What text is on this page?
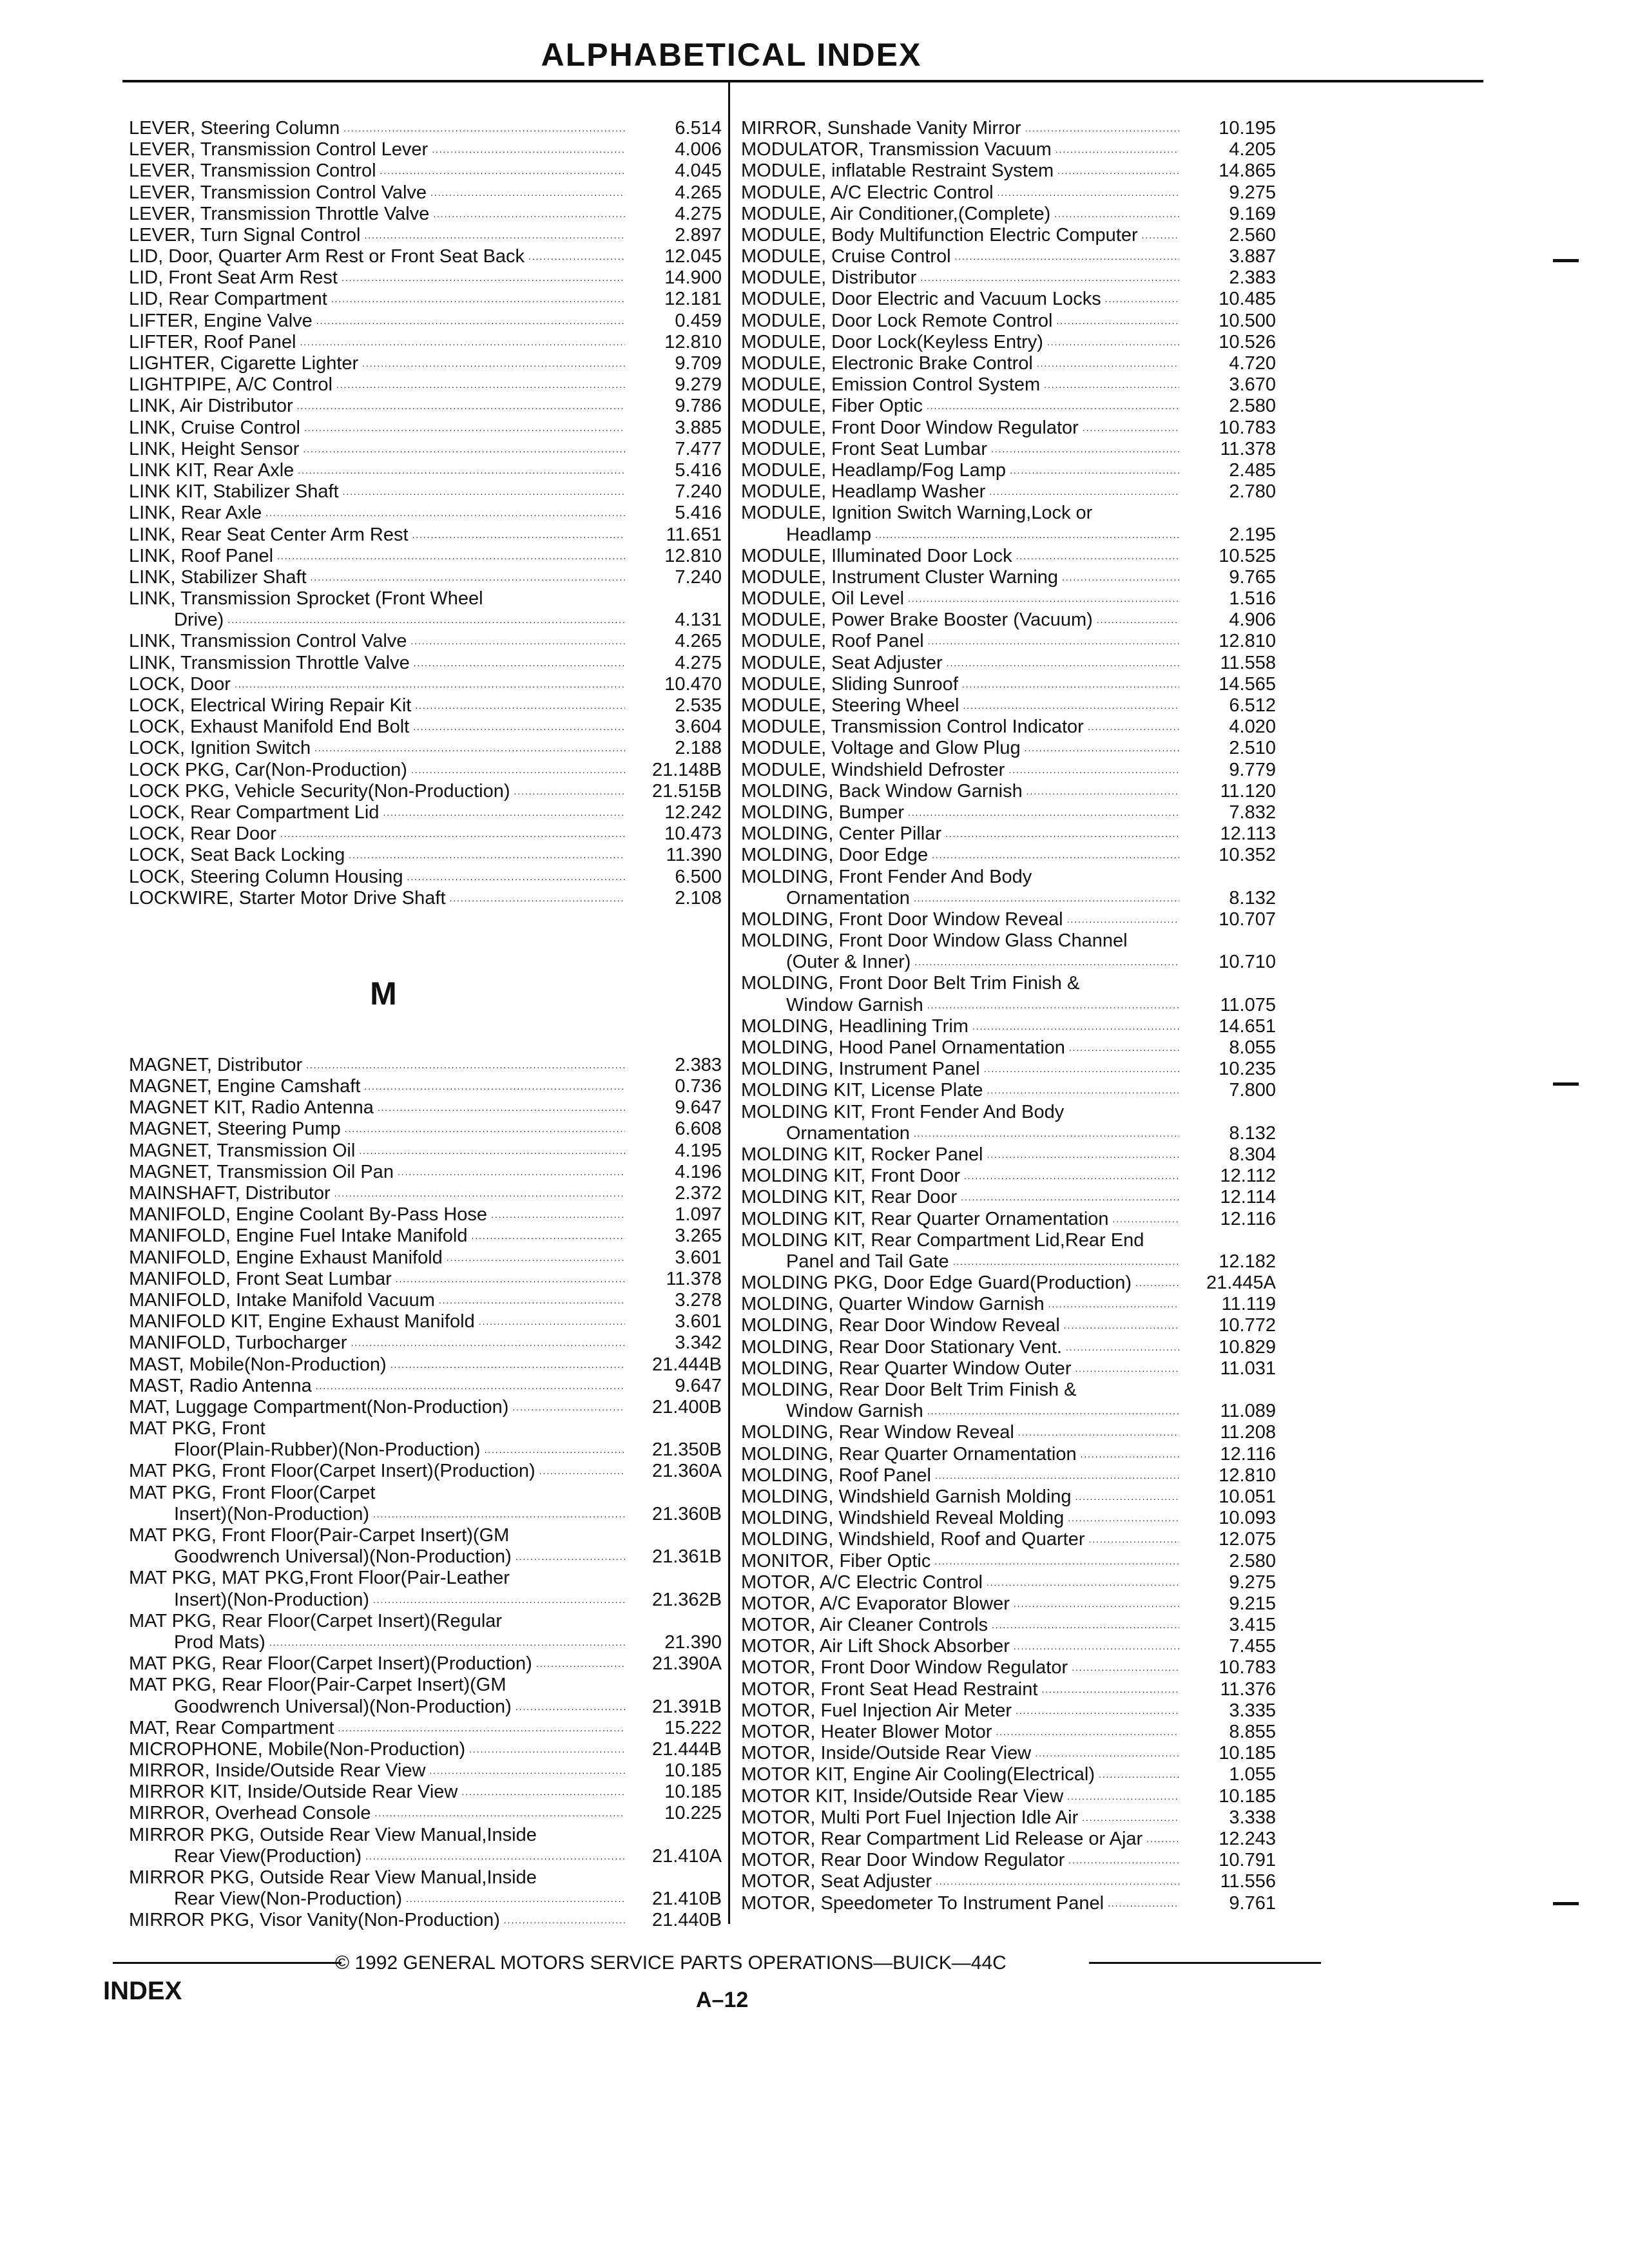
ALPHABETICAL INDEX
LEVER, Steering Column . . .	6.514
LEVER, Transmission Control Lever . . .	4.006
LEVER, Transmission Control . . .	4.045
LEVER, Transmission Control Valve . . .	4.265
LEVER, Transmission Throttle Valve . . .	4.275
LEVER, Turn Signal Control . . .	2.897
LID, Door, Quarter Arm Rest or Front Seat Back . . .	12.045
LID, Front Seat Arm Rest . . .	14.900
LID, Rear Compartment . . .	12.181
LIFTER, Engine Valve . . .	0.459
LIFTER, Roof Panel . . .	12.810
LIGHTER, Cigarette Lighter . . .	9.709
LIGHTPIPE, A/C Control . . .	9.279
LINK, Air Distributor . . .	9.786
LINK, Cruise Control . . .	3.885
LINK, Height Sensor . . .	7.477
LINK KIT, Rear Axle . . .	5.416
LINK KIT, Stabilizer Shaft . . .	7.240
LINK, Rear Axle . . .	5.416
LINK, Rear Seat Center Arm Rest . . .	11.651
LINK, Roof Panel . . .	12.810
LINK, Stabilizer Shaft . . .	7.240
LINK, Transmission Sprocket (Front Wheel
Drive) . . .	4.131
LINK, Transmission Control Valve . . .	4.265
LINK, Transmission Throttle Valve . . .	4.275
LOCK, Door . . .	10.470
LOCK, Electrical Wiring Repair Kit . . .	2.535
LOCK, Exhaust Manifold End Bolt . . .	3.604
LOCK, Ignition Switch . . .	2.188
LOCK PKG, Car(Non-Production) . . .	21.148B
LOCK PKG, Vehicle Security(Non-Production) . . .	21.515B
LOCK, Rear Compartment Lid . . .	12.242
LOCK, Rear Door . . .	10.473
LOCK, Seat Back Locking . . .	11.390
LOCK, Steering Column Housing . . .	6.500
LOCKWIRE, Starter Motor Drive Shaft . . .	2.108
M
MAGNET, Distributor . . .	2.383
MAGNET, Engine Camshaft . . .	0.736
MAGNET KIT, Radio Antenna . . .	9.647
MAGNET, Steering Pump . . .	6.608
MAGNET, Transmission Oil . . .	4.195
MAGNET, Transmission Oil Pan . . .	4.196
MAINSHAFT, Distributor . . .	2.372
MANIFOLD, Engine Coolant By-Pass Hose . . .	1.097
MANIFOLD, Engine Fuel Intake Manifold . . .	3.265
MANIFOLD, Engine Exhaust Manifold . . .	3.601
MANIFOLD, Front Seat Lumbar . . .	11.378
MANIFOLD, Intake Manifold Vacuum . . .	3.278
MANIFOLD KIT, Engine Exhaust Manifold . . .	3.601
MANIFOLD, Turbocharger . . .	3.342
MAST, Mobile(Non-Production) . . .	21.444B
MAST, Radio Antenna . . .	9.647
MAT, Luggage Compartment(Non-Production) . . .	21.400B
MAT PKG, Front
Floor(Plain-Rubber)(Non-Production) . . .	21.350B
MAT PKG, Front Floor(Carpet Insert)(Production) . . .	21.360A
MAT PKG, Front Floor(Carpet
Insert)(Non-Production) . . .	21.360B
MAT PKG, Front Floor(Pair-Carpet Insert)(GM
Goodwrench Universal)(Non-Production) . . .	21.361B
MAT PKG, MAT PKG,Front Floor(Pair-Leather
Insert)(Non-Production) . . .	21.362B
MAT PKG, Rear Floor(Carpet Insert)(Regular
Prod Mats) . . .	21.390
MAT PKG, Rear Floor(Carpet Insert)(Production) . . .	21.390A
MAT PKG, Rear Floor(Pair-Carpet Insert)(GM
Goodwrench Universal)(Non-Production) . . .	21.391B
MAT, Rear Compartment . . .	15.222
MICROPHONE, Mobile(Non-Production) . . .	21.444B
MIRROR, Inside/Outside Rear View . . .	10.185
MIRROR KIT, Inside/Outside Rear View . . .	10.185
MIRROR, Overhead Console . . .	10.225
MIRROR PKG, Outside Rear View Manual,Inside
Rear View(Production) . . .	21.410A
MIRROR PKG, Outside Rear View Manual,Inside
Rear View(Non-Production) . . .	21.410B
MIRROR PKG, Visor Vanity(Non-Production) . . .	21.440B
MIRROR, Sunshade Vanity Mirror . . .	10.195
MODULATOR, Transmission Vacuum . . .	4.205
MODULE, inflatable Restraint System . . .	14.865
MODULE, A/C Electric Control . . .	9.275
MODULE, Air Conditioner,(Complete) . . .	9.169
MODULE, Body Multifunction Electric Computer . . .	2.560
MODULE, Cruise Control . . .	3.887
MODULE, Distributor . . .	2.383
MODULE, Door Electric and Vacuum Locks . . .	10.485
MODULE, Door Lock Remote Control . . .	10.500
MODULE, Door Lock(Keyless Entry) . . .	10.526
MODULE, Electronic Brake Control . . .	4.720
MODULE, Emission Control System . . .	3.670
MODULE, Fiber Optic . . .	2.580
MODULE, Front Door Window Regulator . . .	10.783
MODULE, Front Seat Lumbar . . .	11.378
MODULE, Headlamp/Fog Lamp . . .	2.485
MODULE, Headlamp Washer . . .	2.780
MODULE, Ignition Switch Warning,Lock or
Headlamp . . .	2.195
MODULE, Illuminated Door Lock . . .	10.525
MODULE, Instrument Cluster Warning . . .	9.765
MODULE, Oil Level . . .	1.516
MODULE, Power Brake Booster (Vacuum) . . .	4.906
MODULE, Roof Panel . . .	12.810
MODULE, Seat Adjuster . . .	11.558
MODULE, Sliding Sunroof . . .	14.565
MODULE, Steering Wheel . . .	6.512
MODULE, Transmission Control Indicator . . .	4.020
MODULE, Voltage and Glow Plug . . .	2.510
MODULE, Windshield Defroster . . .	9.779
MOLDING, Back Window Garnish . . .	11.120
MOLDING, Bumper . . .	7.832
MOLDING, Center Pillar . . .	12.113
MOLDING, Door Edge . . .	10.352
MOLDING, Front Fender And Body
Ornamentation . . .	8.132
MOLDING, Front Door Window Reveal . . .	10.707
MOLDING, Front Door Window Glass Channel
(Outer & Inner) . . .	10.710
MOLDING, Front Door Belt Trim Finish &
Window Garnish . . .	11.075
MOLDING, Headlining Trim . . .	14.651
MOLDING, Hood Panel Ornamentation . . .	8.055
MOLDING, Instrument Panel . . .	10.235
MOLDING KIT, License Plate . . .	7.800
MOLDING KIT, Front Fender And Body
Ornamentation . . .	8.132
MOLDING KIT, Rocker Panel . . .	8.304
MOLDING KIT, Front Door . . .	12.112
MOLDING KIT, Rear Door . . .	12.114
MOLDING KIT, Rear Quarter Ornamentation . . .	12.116
MOLDING KIT, Rear Compartment Lid,Rear End
Panel and Tail Gate . . .	12.182
MOLDING PKG, Door Edge Guard(Production) . . .	21.445A
MOLDING, Quarter Window Garnish . . .	11.119
MOLDING, Rear Door Window Reveal . . .	10.772
MOLDING, Rear Door Stationary Vent. . . .	10.829
MOLDING, Rear Quarter Window Outer . . .	11.031
MOLDING, Rear Door Belt Trim Finish &
Window Garnish . . .	11.089
MOLDING, Rear Window Reveal . . .	11.208
MOLDING, Rear Quarter Ornamentation . . .	12.116
MOLDING, Roof Panel . . .	12.810
MOLDING, Windshield Garnish Molding . . .	10.051
MOLDING, Windshield Reveal Molding . . .	10.093
MOLDING, Windshield, Roof and Quarter . . .	12.075
MONITOR, Fiber Optic . . .	2.580
MOTOR, A/C Electric Control . . .	9.275
MOTOR, A/C Evaporator Blower . . .	9.215
MOTOR, Air Cleaner Controls . . .	3.415
MOTOR, Air Lift Shock Absorber . . .	7.455
MOTOR, Front Door Window Regulator . . .	10.783
MOTOR, Front Seat Head Restraint . . .	11.376
MOTOR, Fuel Injection Air Meter . . .	3.335
MOTOR, Heater Blower Motor . . .	8.855
MOTOR, Inside/Outside Rear View . . .	10.185
MOTOR KIT, Engine Air Cooling(Electrical) . . .	1.055
MOTOR KIT, Inside/Outside Rear View . . .	10.185
MOTOR, Multi Port Fuel Injection Idle Air . . .	3.338
MOTOR, Rear Compartment Lid Release or Ajar . . .	12.243
MOTOR, Rear Door Window Regulator . . .	10.791
MOTOR, Seat Adjuster . . .	11.556
MOTOR, Speedometer To Instrument Panel . . .	9.761
© 1992 GENERAL MOTORS SERVICE PARTS OPERATIONS—BUICK—44C
INDEX	A–12
